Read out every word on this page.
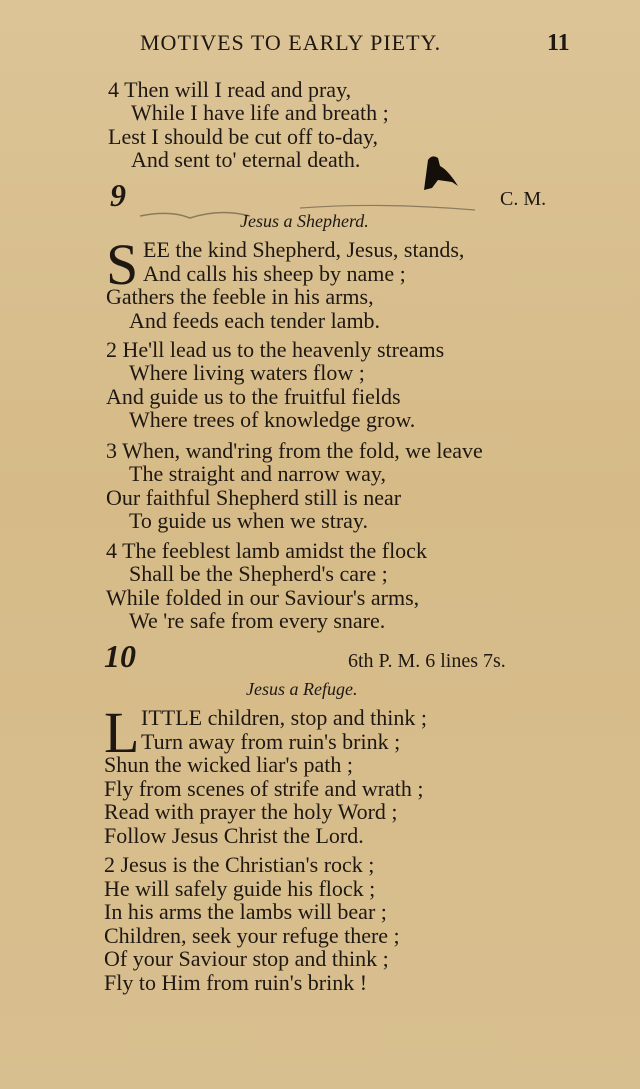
MOTIVES TO EARLY PIETY.	11
4 Then will I read and pray,
While I have life and breath ;
Lest I should be cut off to-day,
And sent to' eternal death.
9	C. M.
Jesus a Shepherd.
S EE the kind Shepherd, Jesus, stands,
And calls his sheep by name ;
Gathers the feeble in his arms,
And feeds each tender lamb.
2 He'll lead us to the heavenly streams
Where living waters flow ;
And guide us to the fruitful fields
Where trees of knowledge grow.
3 When, wand'ring from the fold, we leave
The straight and narrow way,
Our faithful Shepherd still is near
To guide us when we stray.
4 The feeblest lamb amidst the flock
Shall be the Shepherd's care ;
While folded in our Saviour's arms,
We 're safe from every snare.
10	6th P. M. 6 lines 7s.
Jesus a Refuge.
L ITTLE children, stop and think ;
Turn away from ruin's brink ;
Shun the wicked liar's path ;
Fly from scenes of strife and wrath ;
Read with prayer the holy Word ;
Follow Jesus Christ the Lord.
2 Jesus is the Christian's rock ;
He will safely guide his flock ;
In his arms the lambs will bear ;
Children, seek your refuge there ;
Of your Saviour stop and think ;
Fly to Him from ruin's brink !
